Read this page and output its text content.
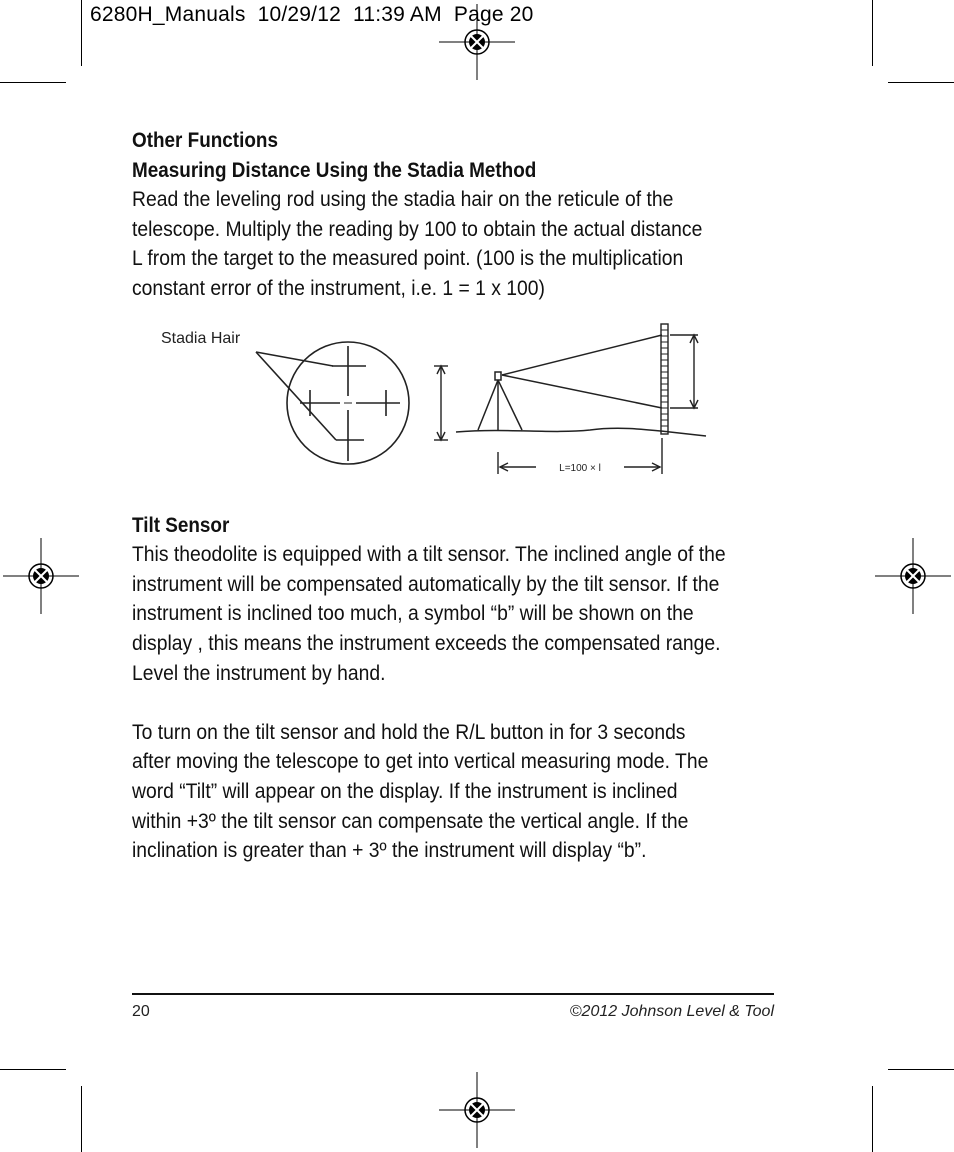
6280H_Manuals  10/29/12  11:39 AM  Page 20

Other Functions

Measuring Distance Using the Stadia Method

Read the leveling rod using the stadia hair on the reticule of the

telescope. Multiply the reading by 100 to obtain the actual distance

L from the target to the measured point. (100 is the multiplication

constant error of the instrument, i.e. 1 = 1 x 100)

Tilt Sensor

This theodolite is equipped with a tilt sensor. The inclined angle of the

instrument will be compensated automatically by the tilt sensor. If the

instrument is inclined too much, a symbol “b” will be shown on the

display , this means the instrument exceeds the compensated range.

Level the instrument by hand.

To turn on the tilt sensor and hold the R/L button in for 3 seconds

after moving the telescope to get into vertical measuring mode. The

word “Tilt” will appear on the display. If the instrument is inclined

within +3º the tilt sensor can compensate the vertical angle. If the

inclination is greater than + 3º the instrument will display “b”.

Stadia Hair
L=100 × l
20	©2012 Johnson Level & Tool
